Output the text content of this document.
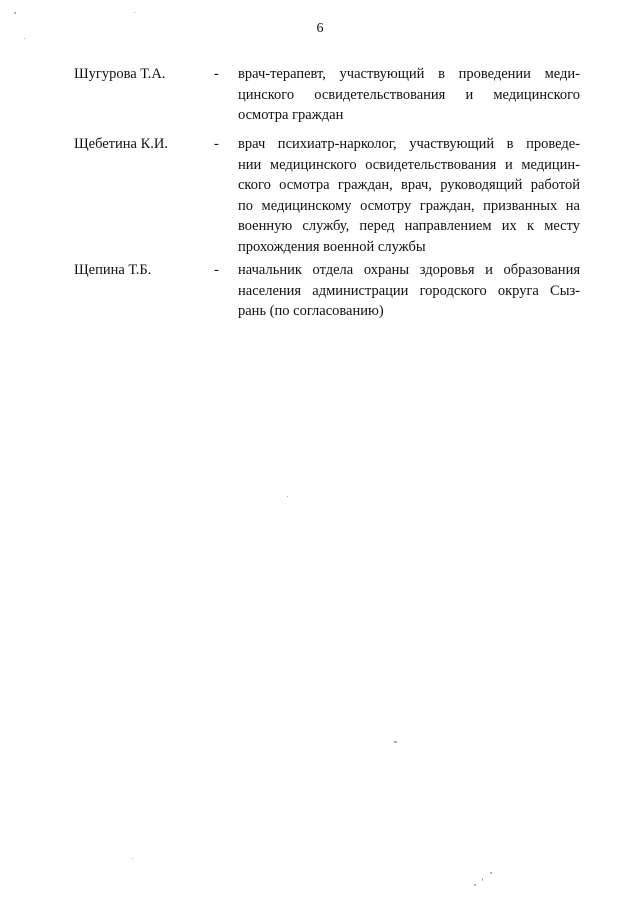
6
Шугурова Т.А.	- врач-терапевт, участвующий в проведении меди-
цинского освидетельствования и медицинского
осмотра граждан
Щебетина К.И.	- врач психиатр-нарколог, участвующий в проведе-
нии медицинского освидетельствования и медицин-
ского осмотра граждан, врач, руководящий работой
по медицинскому осмотру граждан, призванных на
военную службу, перед направлением их к месту
прохождения военной службы
Щепина Т.Б.	- начальник отдела охраны здоровья и образования
населения администрации городского округа Сыз-
рань (по согласованию)
